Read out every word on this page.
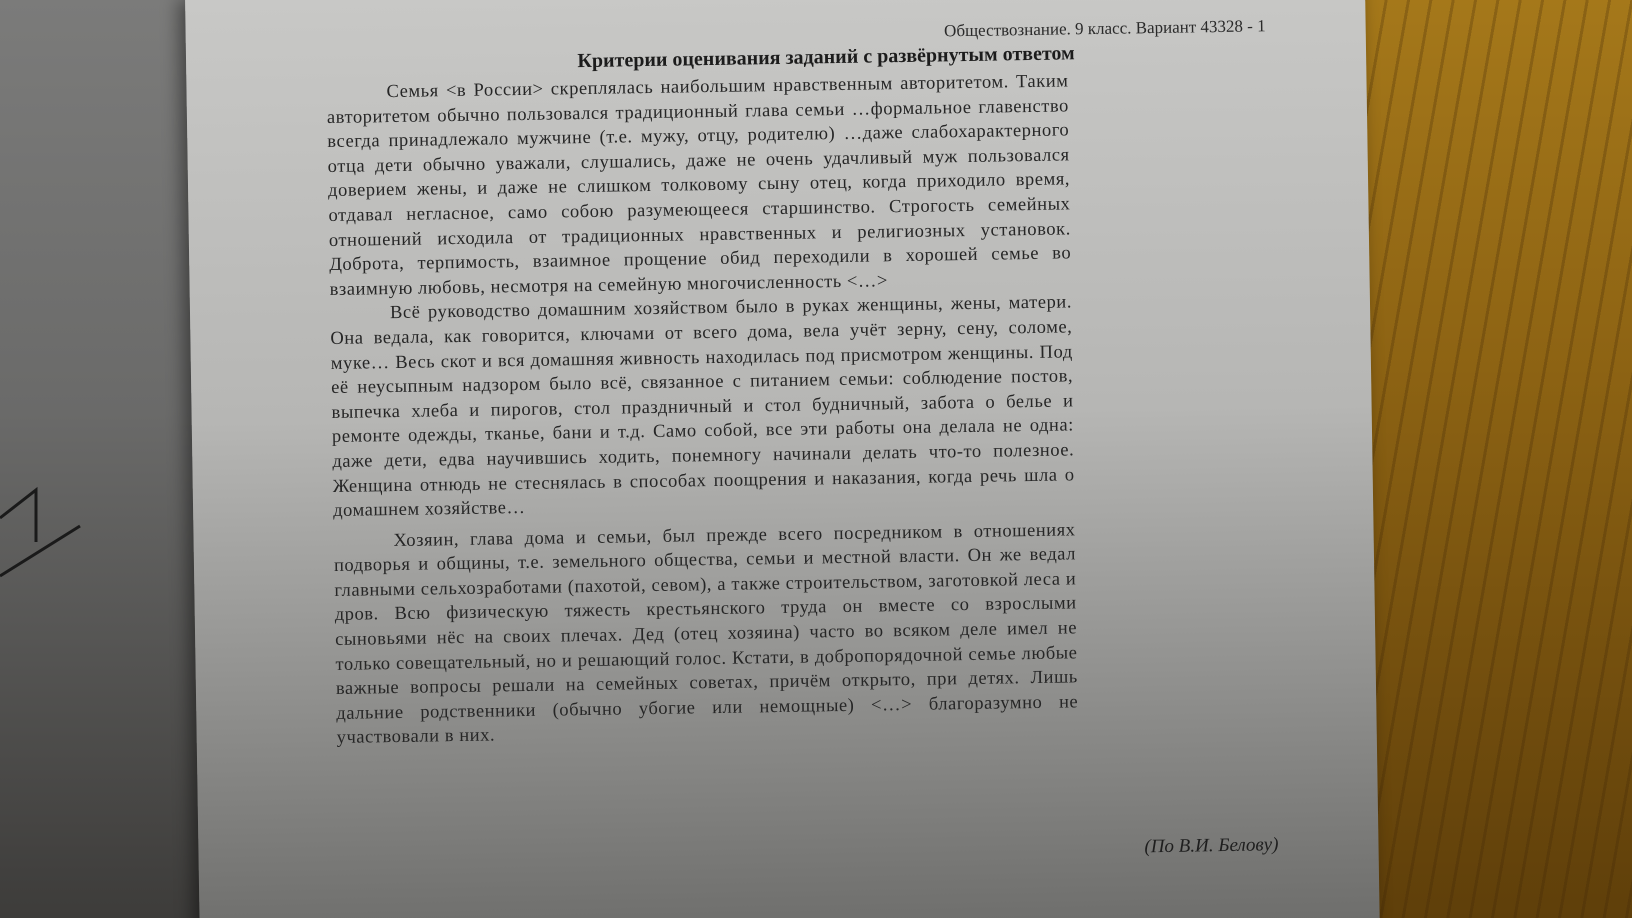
Обществознание. 9 класс. Вариант 43328 - 1
Критерии оценивания заданий с развёрнутым ответом

Семья <в России> скреплялась наибольшим нравственным авторитетом. Таким авторитетом обычно пользовался традиционный глава семьи …формальное главенство всегда принадлежало мужчине (т.е. мужу, отцу, родителю) …даже слабохарактерного отца дети обычно уважали, слушались, даже не очень удачливый муж пользовался доверием жены, и даже не слишком толковому сыну отец, когда приходило время, отдавал негласное, само собою разумеющееся старшинство. Строгость семейных отношений исходила от традиционных нравственных и религиозных установок. Доброта, терпимость, взаимное прощение обид переходили в хорошей семье во взаимную любовь, несмотря на семейную многочисленность <…>

Всё руководство домашним хозяйством было в руках женщины, жены, матери. Она ведала, как говорится, ключами от всего дома, вела учёт зерну, сену, соломе, муке… Весь скот и вся домашняя живность находилась под присмотром женщины. Под её неусыпным надзором было всё, связанное с питанием семьи: соблюдение постов, выпечка хлеба и пирогов, стол праздничный и стол будничный, забота о белье и ремонте одежды, тканье, бани и т.д. Само собой, все эти работы она делала не одна: даже дети, едва научившись ходить, понемногу начинали делать что-то полезное. Женщина отнюдь не стеснялась в способах поощрения и наказания, когда речь шла о домашнем хозяйстве…

Хозяин, глава дома и семьи, был прежде всего посредником в отношениях подворья и общины, т.е. земельного общества, семьи и местной власти. Он же ведал главными сельхозработами (пахотой, севом), а также строительством, заготовкой леса и дров. Всю физическую тяжесть крестьянского труда он вместе со взрослыми сыновьями нёс на своих плечах. Дед (отец хозяина) часто во всяком деле имел не только совещательный, но и решающий голос. Кстати, в добропорядочной семье любые важные вопросы решали на семейных советах, причём открыто, при детях. Лишь дальние родственники (обычно убогие или немощные) <…> благоразумно не участвовали в них.

(По В.И. Белову)
